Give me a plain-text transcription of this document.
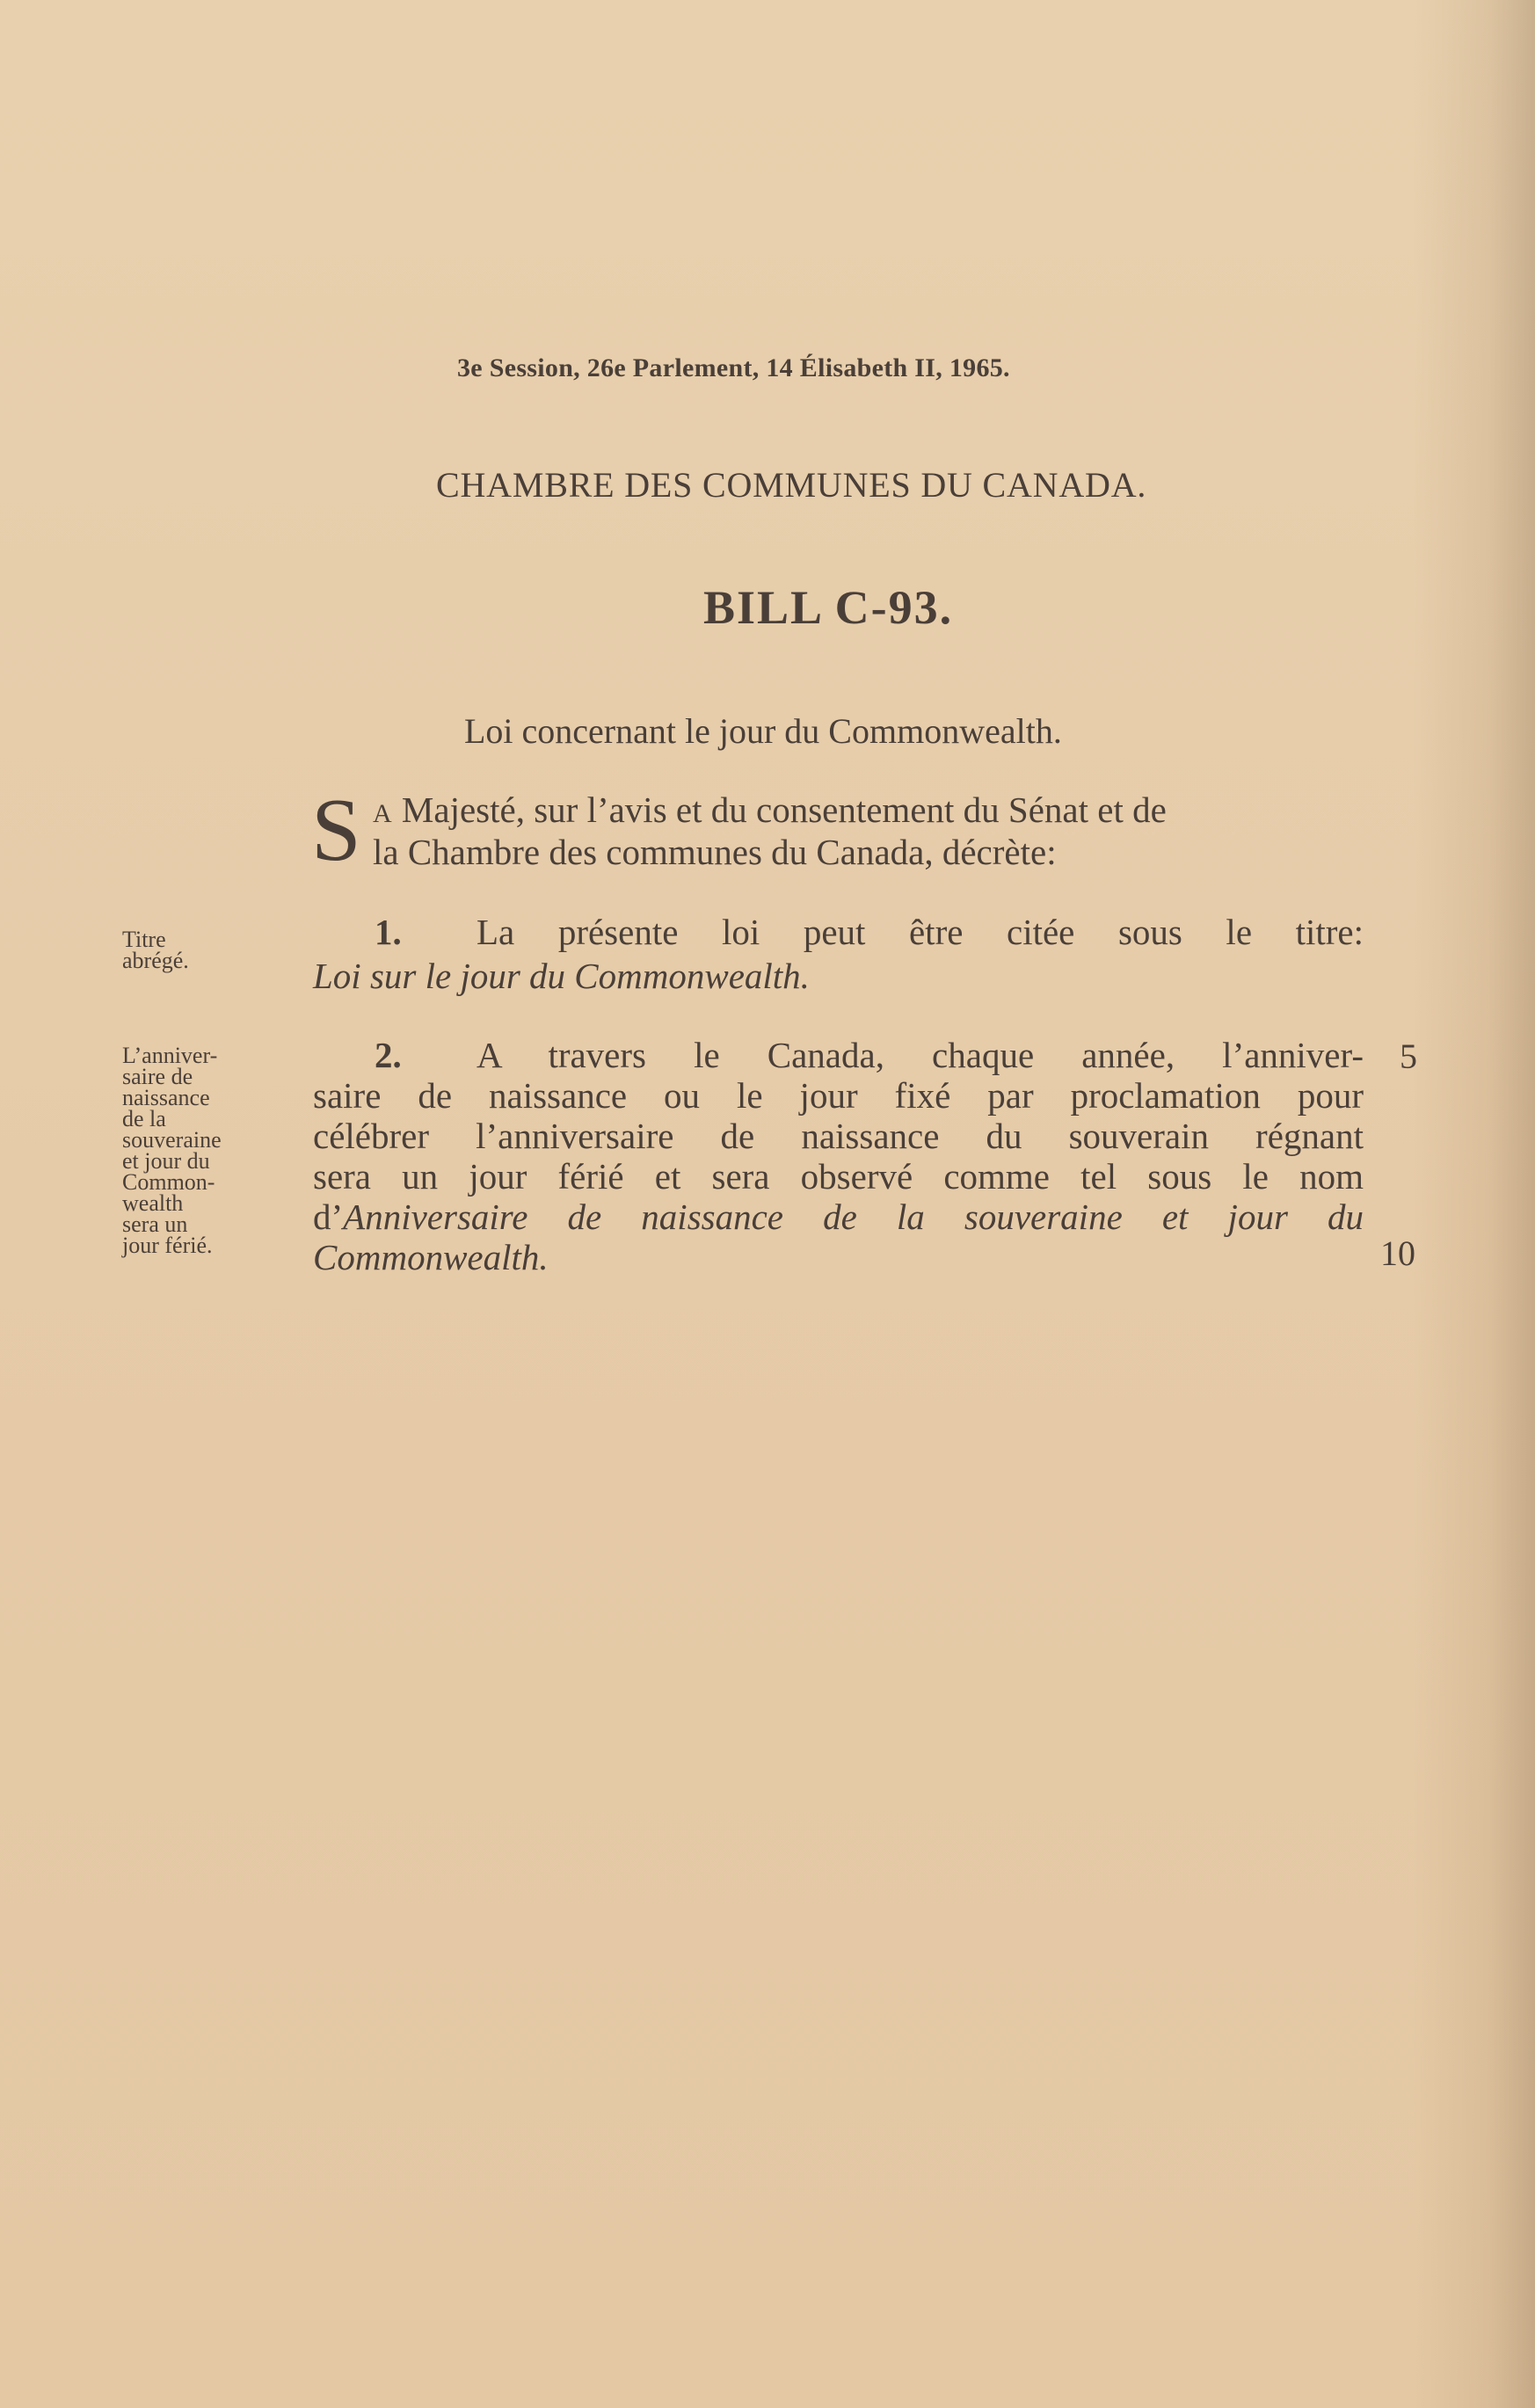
3e Session, 26e Parlement, 14 Élisabeth II, 1965.
CHAMBRE DES COMMUNES DU CANADA.
BILL C-93.
Loi concernant le jour du Commonwealth.
S A Majesté, sur l’avis et du consentement du Sénat et de
la Chambre des communes du Canada, décrète:
Titre
abrégé.
1. La présente loi peut être citée sous le titre:
Loi sur le jour du Commonwealth.
L’anniver-
saire de
naissance
de la
souveraine
et jour du
Common-
wealth
sera un
jour férié.
2. A travers le Canada, chaque année, l’anniver-
saire de naissance ou le jour fixé par proclamation pour
célébrer l’anniversaire de naissance du souverain régnant
sera un jour férié et sera observé comme tel sous le nom
d’ Anniversaire de naissance de la souveraine et jour du
Commonwealth.
5
10
